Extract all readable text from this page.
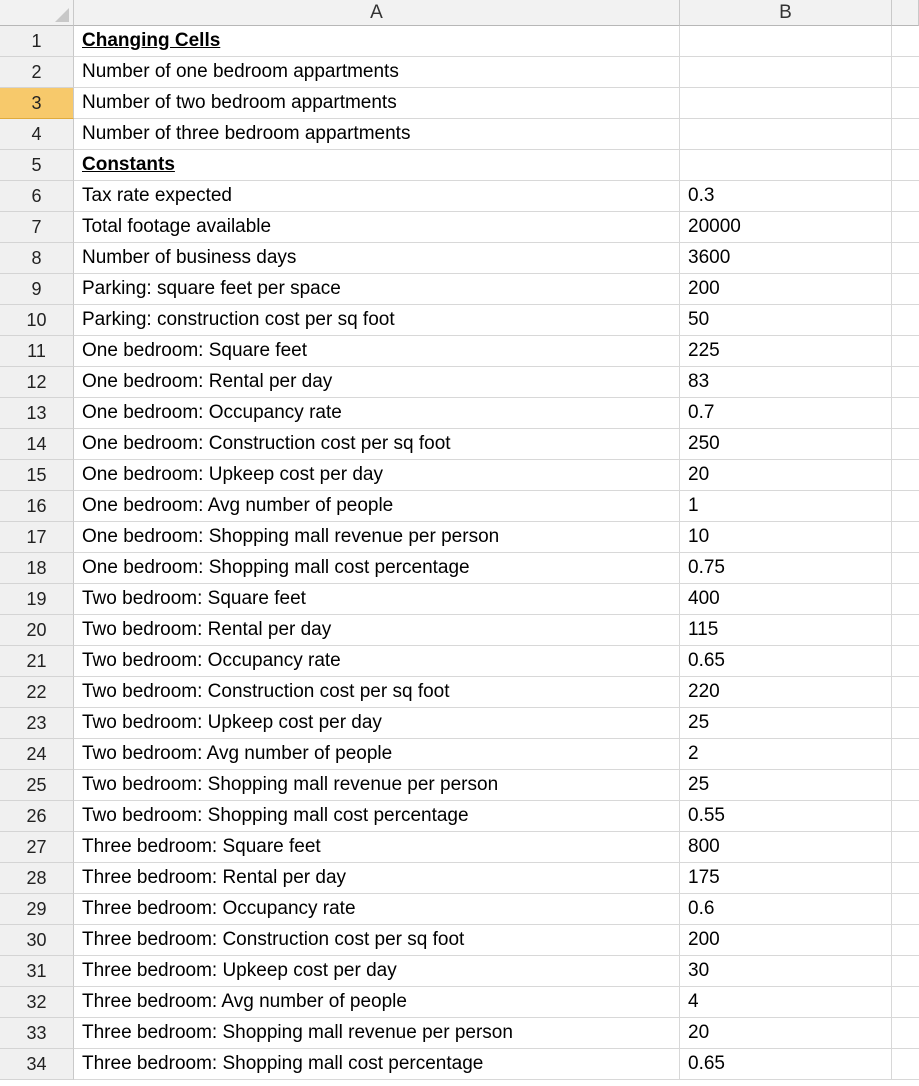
A	B
1	Changing Cells
2	Number of one bedroom appartments
3	Number of two bedroom appartments
4	Number of three bedroom appartments
5	Constants
6	Tax rate expected	0.3
7	Total footage available	20000
8	Number of business days	3600
9	Parking: square feet per space	200
10	Parking: construction cost per sq foot	50
11	One bedroom: Square feet	225
12	One bedroom: Rental per day	83
13	One bedroom: Occupancy rate	0.7
14	One bedroom: Construction cost per sq foot	250
15	One bedroom: Upkeep cost per day	20
16	One bedroom: Avg number of people	1
17	One bedroom: Shopping mall revenue per person	10
18	One bedroom: Shopping mall cost percentage	0.75
19	Two bedroom: Square feet	400
20	Two bedroom: Rental per day	115
21	Two bedroom: Occupancy rate	0.65
22	Two bedroom: Construction cost per sq foot	220
23	Two bedroom: Upkeep cost per day	25
24	Two bedroom: Avg number of people	2
25	Two bedroom: Shopping mall revenue per person	25
26	Two bedroom: Shopping mall cost percentage	0.55
27	Three bedroom: Square feet	800
28	Three bedroom: Rental per day	175
29	Three bedroom: Occupancy rate	0.6
30	Three bedroom: Construction cost per sq foot	200
31	Three bedroom: Upkeep cost per day	30
32	Three bedroom: Avg number of people	4
33	Three bedroom: Shopping mall revenue per person	20
34	Three bedroom: Shopping mall cost percentage	0.65
